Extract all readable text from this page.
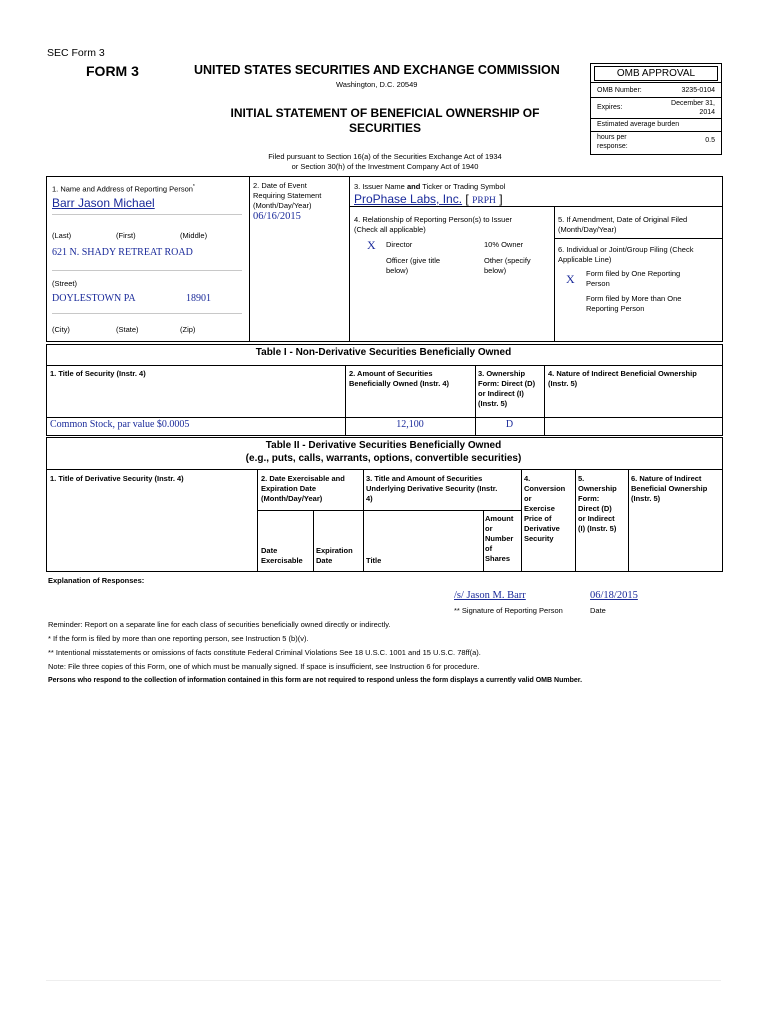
SEC Form 3
FORM 3	UNITED STATES SECURITIES AND EXCHANGE COMMISSION
Washington, D.C. 20549
INITIAL STATEMENT OF BENEFICIAL OWNERSHIP OF
SECURITIES
Filed pursuant to Section 16(a) of the Securities Exchange Act of 1934
or Section 30(h) of the Investment Company Act of 1940
OMB APPROVAL
OMB Number:	3235-0104
Expires:
December 31,
2014
Estimated average burden
hours per
response:
0.5
1. Name and Address of Reporting Person*
Barr Jason Michael
(Last)	(First)	(Middle)
621 N. SHADY RETREAT ROAD
(Street)
DOYLESTOWN PA	18901
(City)	(State)	(Zip)
2. Date of Event
Requiring Statement
(Month/Day/Year)
06/16/2015
3. Issuer Name and Ticker or Trading Symbol
ProPhase Labs, Inc. [ PRPH ]
4. Relationship of Reporting Person(s) to Issuer
(Check all applicable)
X Director	10% Owner
Officer (give title
below)
Other (specify
below)
5. If Amendment, Date of Original Filed
(Month/Day/Year)
6. Individual or Joint/Group Filing (Check
Applicable Line)
X Form filed by One Reporting
Person
Form filed by More than One
Reporting Person
Table I - Non-Derivative Securities Beneficially Owned
1. Title of Security (Instr. 4)	2. Amount of Securities
Beneficially Owned (Instr. 4)
3. Ownership
Form: Direct (D)
or Indirect (I)
(Instr. 5)
4. Nature of Indirect Beneficial Ownership
(Instr. 5)
Common Stock, par value $0.0005	12,100	D
Table II - Derivative Securities Beneficially Owned
(e.g., puts, calls, warrants, options, convertible securities)
1. Title of Derivative Security (Instr. 4)	2. Date Exercisable and
Expiration Date
(Month/Day/Year)
3. Title and Amount of Securities
Underlying Derivative Security (Instr.
4)
4.
Conversion
or
Exercise
Price of
Derivative
Security
5.
Ownership
Form:
Direct (D)
or Indirect
(I) (Instr. 5)
6. Nature of Indirect
Beneficial Ownership
(Instr. 5)
Date
Exercisable
Expiration
Date	Title
Amount
or
Number
of
Shares
Explanation of Responses:
/s/ Jason M. Barr	06/18/2015
** Signature of Reporting Person	Date
Reminder: Report on a separate line for each class of securities beneficially owned directly or indirectly.
* If the form is filed by more than one reporting person, see Instruction 5 (b)(v).
** Intentional misstatements or omissions of facts constitute Federal Criminal Violations See 18 U.S.C. 1001 and 15 U.S.C. 78ff(a).
Note: File three copies of this Form, one of which must be manually signed. If space is insufficient, see Instruction 6 for procedure.
Persons who respond to the collection of information contained in this form are not required to respond unless the form displays a currently valid OMB Number.
